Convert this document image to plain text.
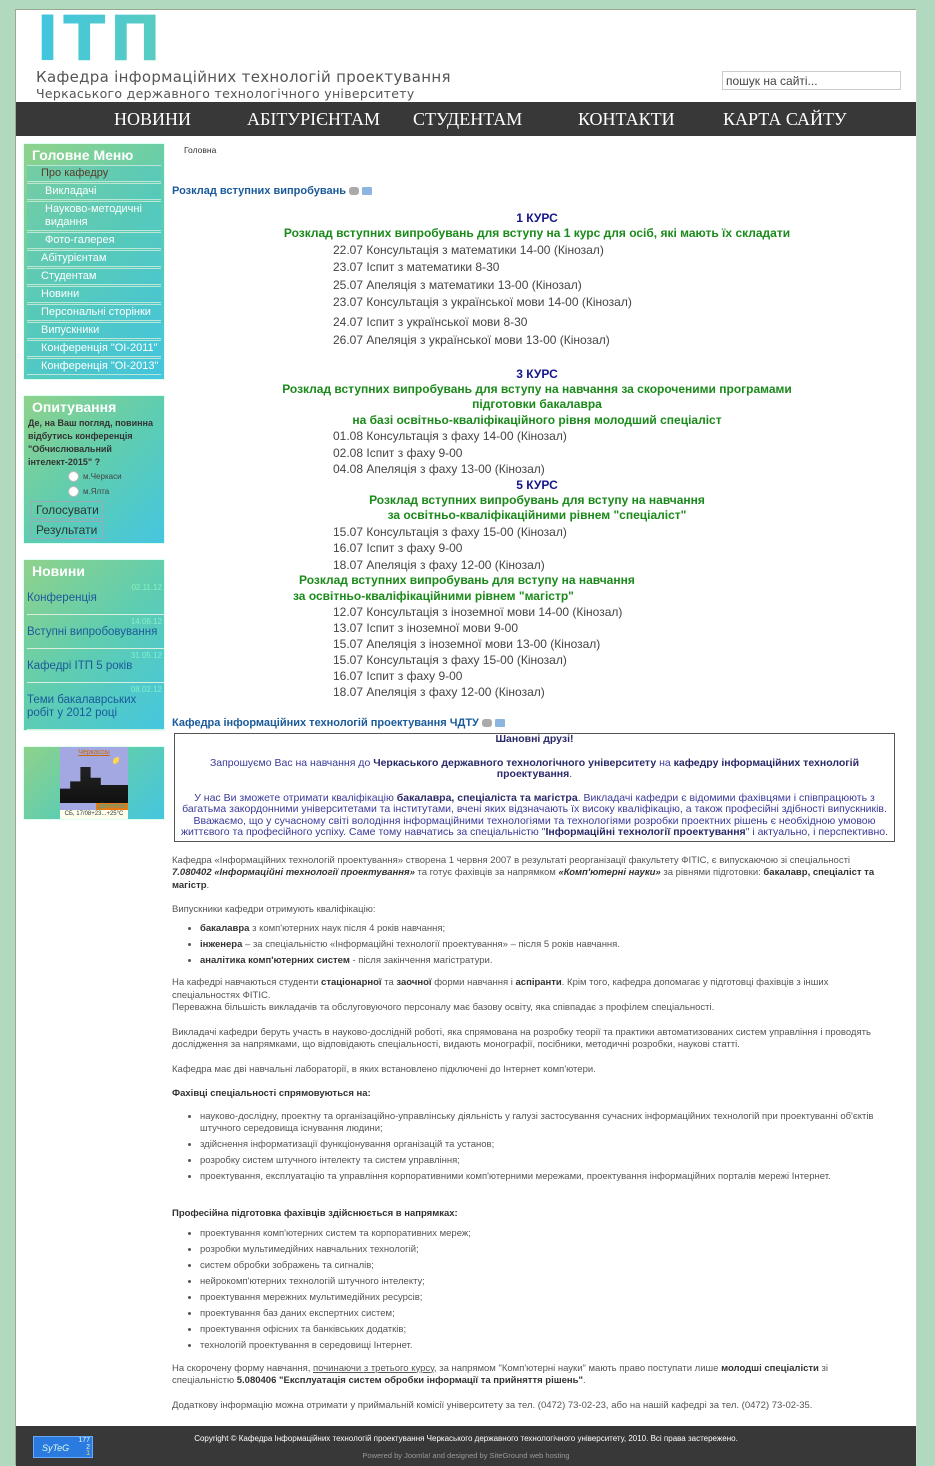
ІТП
Кафедра інформаційних технологій проектування
Черкаського державного технологічного університету
пошук на сайті...
НОВИНИ	АБІТУРІЄНТАМ СТУДЕНТАМ	КОНТАКТИ	КАРТА САЙТУ
Головне Меню
Про кафедру
Викладачі
Науково-методичні видання
Фото-галерея
Абітурієнтам
Студентам
Новини
Персональні сторінки
Випускники
Конференція "OI-2011"
Конференція "OI-2013"
Опитування
Де, на Ваш погляд, повинна відбутись конференція "Обчислювальний інтелект-2015" ?
м.Черкаси
м.Ялта
Голосувати
Результати
Новини
02.11.12
Конференція
14.06.12
Вступні випробовування
31.05.12
Кафедрі ІТП 5 років
08.02.12
Теми бакалаврських робіт у 2012 році
Черкассы
gismeteo
СБ, 17/08+23...+25°C
Головна
Розклад вступних випробувань
1 КУРС
Розклад вступних випробувань для вступу на 1 курс для осіб, які мають їх складати
22.07 Консультація з математики 14-00 (Кінозал)
23.07 Іспит з математики 8-30
25.07 Апеляція з математики 13-00 (Кінозал)
23.07 Консультація з української мови 14-00 (Кінозал)
24.07 Іспит з української мови 8-30
26.07 Апеляція з української мови 13-00 (Кінозал)
3 КУРС
Розклад вступних випробувань для вступу на навчання за скороченими програмами
підготовки бакалавра
на базі освітньо-кваліфікаційного рівня молодший спеціаліст
01.08 Консультація з фаху 14-00 (Кінозал)
02.08 Іспит з фаху 9-00
04.08 Апеляція з фаху 13-00 (Кінозал)
5 КУРС
Розклад вступних випробувань для вступу на навчання
за освітньо-кваліфікаційними рівнем "спеціаліст"
15.07 Консультація з фаху 15-00 (Кінозал)
16.07 Іспит з фаху 9-00
18.07 Апеляція з фаху 12-00 (Кінозал)
Розклад вступних випробувань для вступу на навчання
за освітньо-кваліфікаційними рівнем "магістр"
12.07 Консультація з іноземної мови 14-00 (Кінозал)
13.07 Іспит з іноземної мови 9-00
15.07 Апеляція з іноземної мови 13-00 (Кінозал)
15.07 Консультація з фаху 15-00 (Кінозал)
16.07 Іспит з фаху 9-00
18.07 Апеляція з фаху 12-00 (Кінозал)
Кафедра інформаційних технологій проектування ЧДТУ
Шановні друзі!
Запрошуємо Вас на навчання до Черкаського державного технологічного університету на кафедру інформаційних технологій проектування.
У нас Ви зможете отримати кваліфікацію бакалавра, спеціаліста та магістра. Викладачі кафедри є відомими фахівцями і співпрацюють з багатьма закордонними університетами та інститутами, вчені яких відзначають їх високу кваліфікацію, а також професійні здібності випускників. Вважаємо, що у сучасному світі володіння інформаційними технологіями та технологіями розробки проектних рішень є необхідною умовою життєвого та професійного успіху. Саме тому навчатись за спеціальністю "Інформаційні технології проектування" і актуально, і перспективно.

Кафедра «Інформаційних технологій проектування» створена 1 червня 2007 в результаті реорганізації факультету ФІТІС, є випускаючою зі спеціальності 7.080402 «Інформаційні технології проектування» та готує фахівців за напрямком «Комп'ютерні науки» за рівнями підготовки: бакалавр, спеціаліст та магістр.

Випускники кафедри отримують кваліфікацію:
• бакалавра з комп'ютерних наук після 4 років навчання;
• інженера – за спеціальністю «Інформаційні технології проектування» – після 5 років навчання.
• аналітика комп'ютерних систем - після закінчення магістратури.

На кафедрі навчаються студенти стаціонарної та заочної форми навчання і аспіранти. Крім того, кафедра допомагає у підготовці фахівців з інших спеціальностях ФІТІС.
Переважна більшість викладачів та обслуговуючого персоналу має базову освіту, яка співпадає з профілем спеціальності.

Викладачі кафедри беруть участь в науково-дослідній роботі, яка спрямована на розробку теорії та практики автоматизованих систем управління і проводять дослідження за напрямками, що відповідають спеціальності, видають монографії, посібники, методичні розробки, наукові статті.

Кафедра має дві навчальні лабораторії, в яких встановлено підключені до Інтернет комп'ютери.

Фахівці спеціальності спрямовуються на:
• науково-дослідну, проектну та організаційно-управлінську діяльність у галузі застосування сучасних інформаційних технологій при проектуванні об'єктів штучного середовища існування людини;
• здійснення інформатизації функціонування організацій та установ;
• розробку систем штучного інтелекту та систем управління;
• проектування, експлуатацію та управління корпоративними комп'ютерними мережами, проектування інформаційних порталів мережі Інтернет.
Професійна підготовка фахівців здійснюється в напрямках:
• проектування комп'ютерних систем та корпоративних мереж;
• розробки мультимедійних навчальних технологій;
• систем обробки зображень та сигналів;
• нейрокомп'ютерних технологій штучного інтелекту;
• проектування мережних мультимедійних ресурсів;
• проектування баз даних експертних систем;
• проектування офісних та банківських додатків;
• технологій проектування в середовищі Інтернет.

На скорочену форму навчання, починаючи з третього курсу, за напрямом "Комп'ютерні науки" мають право поступати лише молодші спеціалісти зі спеціальністю 5.080406 "Експлуатація систем обробки інформації та прийняття рішень".

Додаткову інформацію можна отримати у приймальній комісії університету за тел. (0472) 73-02-23, або на нашій кафедрі за тел. (0472) 73-02-35.

SyTeG
177
2
1
Copyright © Кафедра Інформаційних технологій проектування Черкаського державного технологічного університету, 2010. Всі права застережено.
Powered by Joomla! and designed by SiteGround web hosting
